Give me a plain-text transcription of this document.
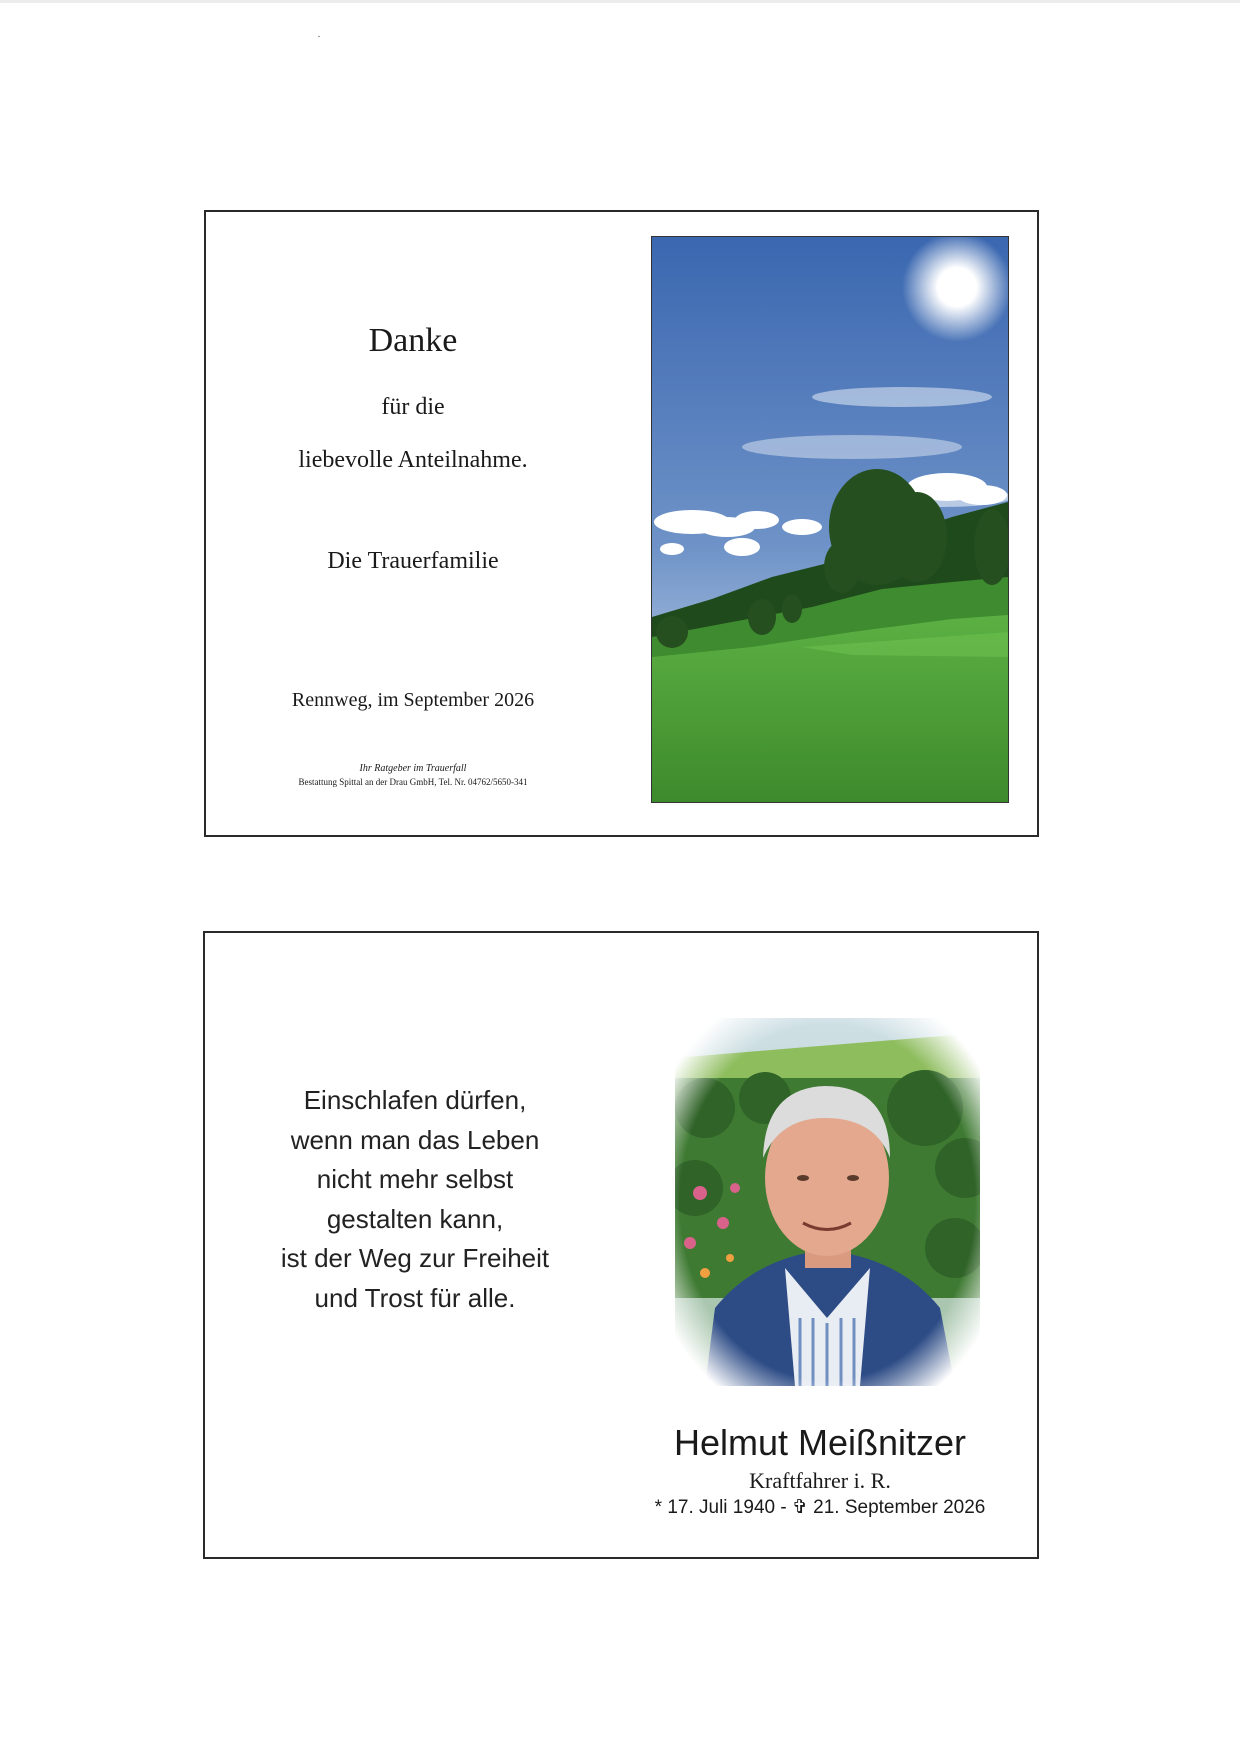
Danke
für die
liebevolle Anteilnahme.
Die Trauerfamilie
Rennweg, im September 2026
Ihr Ratgeber im Trauerfall
Bestattung Spittal an der Drau GmbH, Tel. Nr. 04762/5650-341
Einschlafen dürfen,
wenn man das Leben
nicht mehr selbst
gestalten kann,
ist der Weg zur Freiheit
und Trost für alle.
Helmut Meißnitzer
Kraftfahrer i. R.
* 17. Juli 1940 - ✞ 21. September 2026
